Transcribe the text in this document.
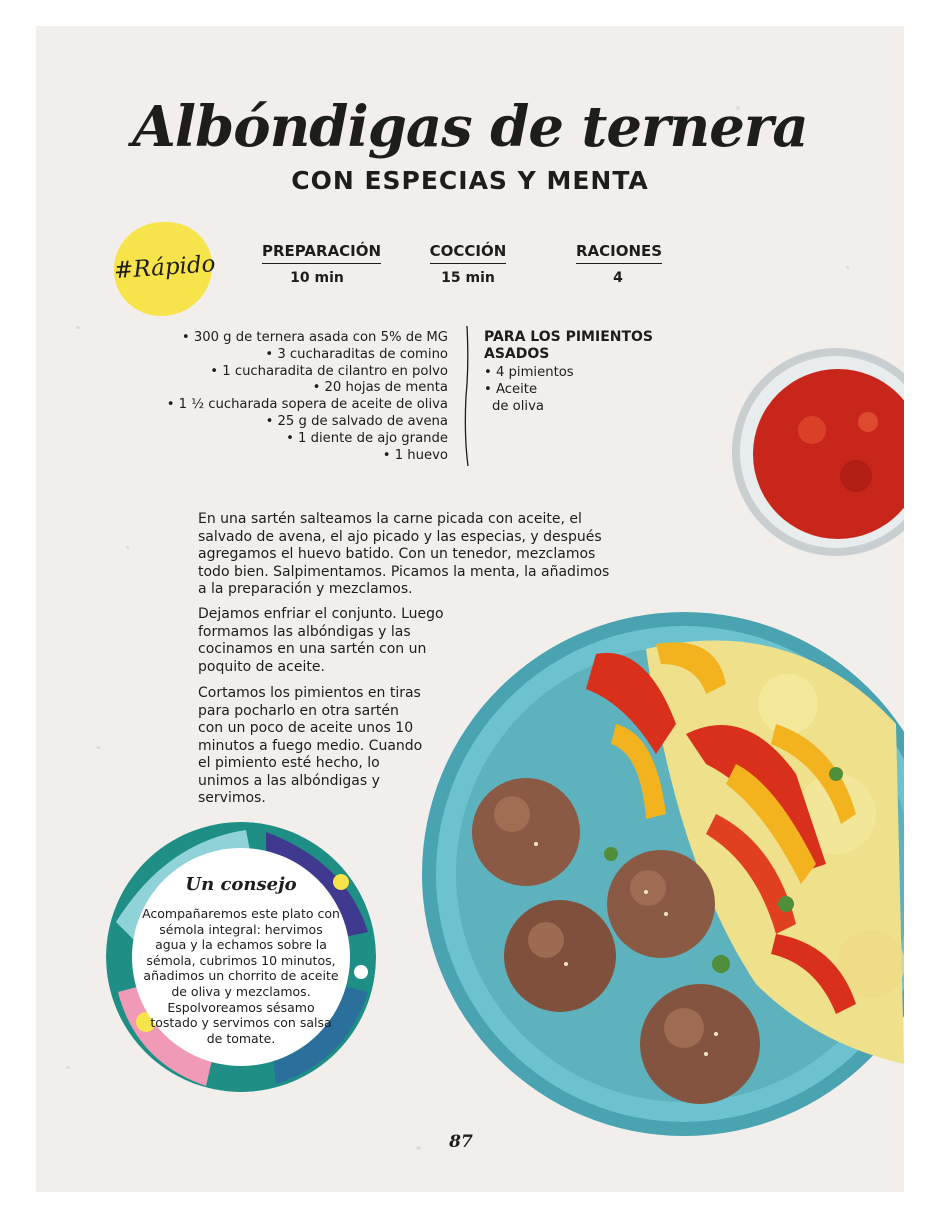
Albóndigas de ternera
CON ESPECIAS Y MENTA
#Rápido
PREPARACIÓN
10 min
COCCIÓN
15 min
RACIONES
4
• 300 g de ternera asada con 5% de MG
• 3 cucharaditas de comino
• 1 cucharadita de cilantro en polvo
• 20 hojas de menta
• 1 ½ cucharada sopera de aceite de oliva
• 25 g de salvado de avena
• 1 diente de ajo grande
• 1 huevo
PARA LOS PIMIENTOS ASADOS
• 4 pimientos
• Aceite
de oliva

En una sartén salteamos la carne picada con aceite, el salvado de avena, el ajo picado y las especias, y después agregamos el huevo batido. Con un tenedor, mezclamos todo bien. Salpimentamos. Picamos la menta, la añadimos a la preparación y mezclamos.

Dejamos enfriar el conjunto. Luego formamos las albóndigas y las cocinamos en una sartén con un poquito de aceite.

Cortamos los pimientos en tiras para pocharlo en otra sartén con un poco de aceite unos 10 minutos a fuego medio. Cuando el pimiento esté hecho, lo unimos a las albóndigas y servimos.

Un consejo
Acompañaremos este plato con sémola integral: hervimos agua y la echamos sobre la sémola, cubrimos 10 minutos, añadimos un chorrito de aceite de oliva y mezclamos. Espolvoreamos sésamo tostado y servimos con salsa de tomate.
87
